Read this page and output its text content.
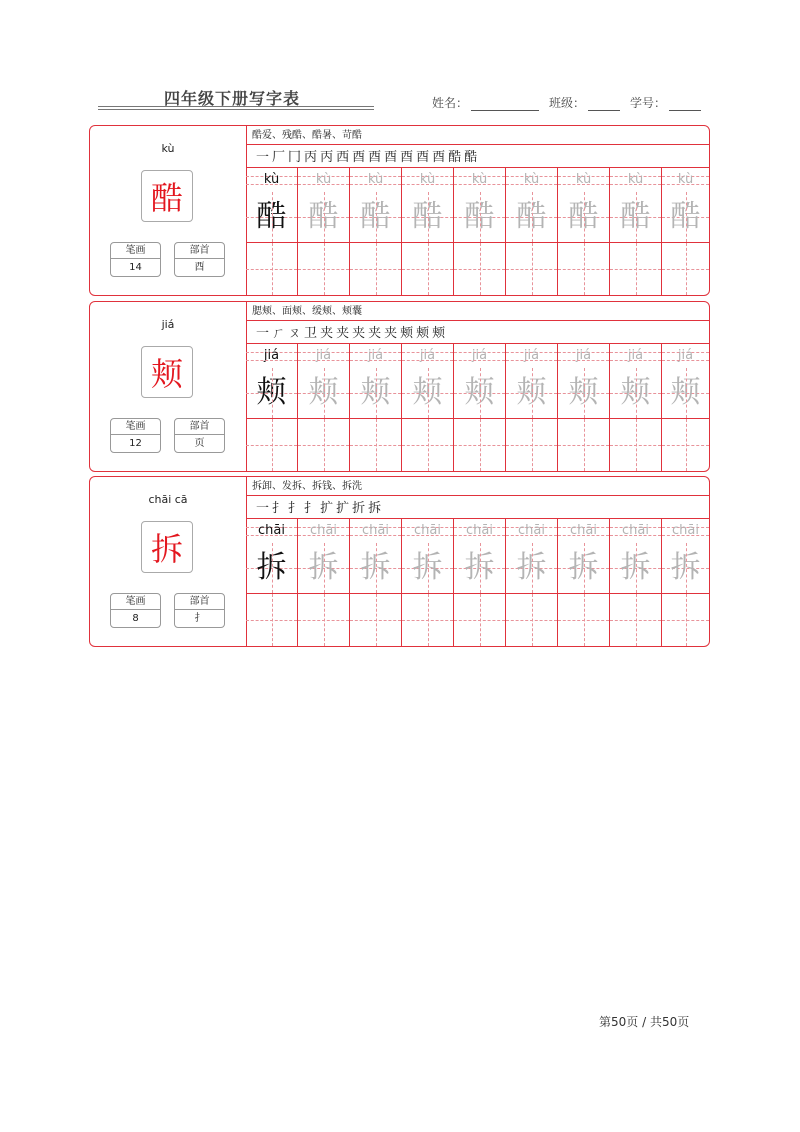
四年级下册写字表	姓名：	班级：	学号：
kù
酷
笔画
14
部首
酉
酷爱、残酷、酷暑、苛酷
一 厂 冂 丙 丙 西 酉 酉 酉 酉 酉 酉 酷 酷
kù	kù	kù	kù	kù	kù	kù	kù	kù
酷 酷 酷 酷 酷 酷 酷 酷 酷
jiá
颊
笔画
12
部首
页
腮颊、面颊、缓颊、颊囊
一 ㄏ ㄡ 卫 夹 夹 夹 夹 夹 颊 颊 颊
jiá	jiá	jiá	jiá	jiá	jiá	jiá	jiá	jiá
颊 颊 颊 颊 颊 颊 颊 颊 颊
chāi cā
拆
笔画
8
部首
扌
拆卸、发拆、拆钱、拆洗
一 扌 扌 扌 扩 扩 折 拆
chāi	chāi	chāi	chāi	chāi	chāi	chāi	chāi	chāi
拆 拆 拆 拆 拆 拆 拆 拆 拆
第50页 / 共50页
